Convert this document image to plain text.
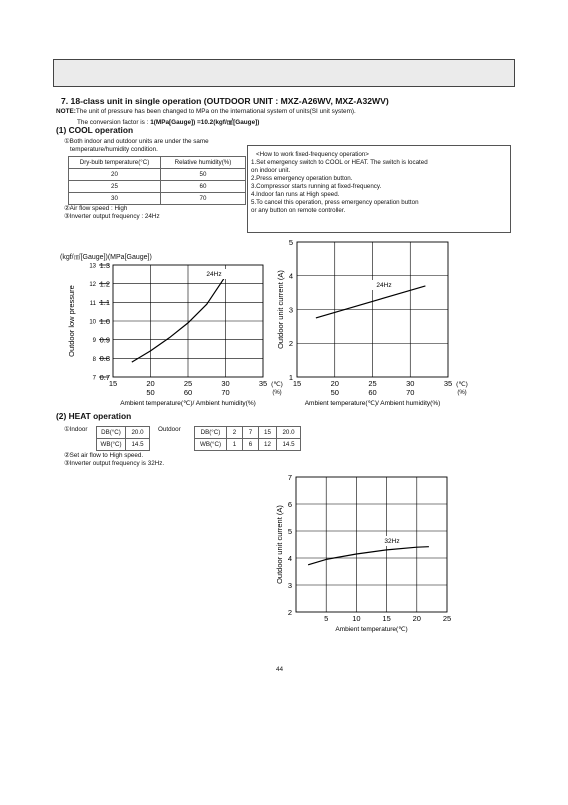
7. 18-class unit in single operation (OUTDOOR UNIT : MXZ-A26WV, MXZ-A32WV)
NOTE:The unit of pressure has been changed to MPa on the international system of units(SI unit system).
The conversion factor is : 1(MPa[Gauge]) =10.2(kgf/㎠[Gauge])
(1) COOL operation
①Both indoor and outdoor units are under the same
temperature/humidity condition.
Dry-bulb temperature(°C)	Relative humidity(%)
20	50
25	60
30	70
②Air flow speed : High
③Inverter output frequency : 24Hz
<How to work fixed-frequency operation>
1.Set emergency switch to COOL or HEAT. The switch is located
on indoor unit.
2.Press emergency operation button.
3.Compressor starts running at fixed-frequency.
4.Indoor fan runs at High speed.
5.To cancel this operation, press emergency operation button
or any button on remote controller.
(kgf/㎠[Gauge])(MPa[Gauge])
15	20	25	30	35
50	60	70
(℃)
(%)
7
8
9
10
11
12
13
0.7
0.8
0.9
1.0
1.1
1.2
1.3
Outdoor low pressure
Ambient temperature(℃)/ Ambient humidity(%)
24Hz
15	20	25	30	35
50	60	70
(℃)
(%)
1
2
3
4
5
Outdoor unit current (A)
Ambient temperature(℃)/ Ambient humidity(%)
24Hz
5	10	15	20	25
2
3
4
5
6
7
Outdoor unit current (A)
Ambient temperature(℃)
32Hz
(2) HEAT operation
①Indoor DB(°C)	20.0
WB(°C)	14.5
Outdoor	DB(°C)	2	7	15	20.0
WB(°C)	1	6	12	14.5
②Set air flow to High speed.
③Inverter output frequency is 32Hz.
44
